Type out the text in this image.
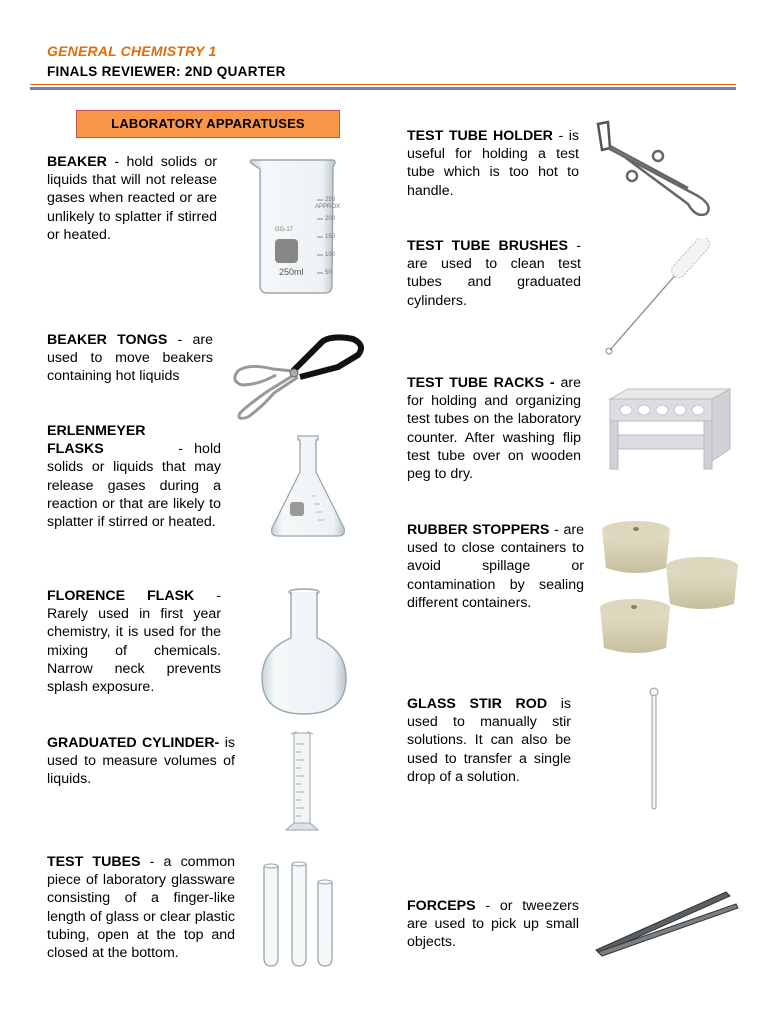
GENERAL CHEMISTRY 1
FINALS REVIEWER: 2ND QUARTER
LABORATORY APPARATUSES
BEAKER - hold solids or liquids that will not release gases when reacted or are unlikely to splatter if stirred or heated.
250
APPROX
200
GG-17
150
100
50
250ml
BEAKER TONGS - are used to move beakers containing hot liquids
ERLENMEYER FLASKS	- hold solids or liquids that may release gases during a reaction or that are likely to splatter if stirred or heated.
FLORENCE FLASK - Rarely used in first year chemistry, it is used for the mixing of chemicals. Narrow neck prevents splash exposure.
GRADUATED CYLINDER- is used to measure volumes of liquids.
TEST TUBES - a common piece of laboratory glassware consisting of a finger-like length of glass or clear plastic tubing, open at the top and closed at the bottom.
TEST TUBE HOLDER - is useful for holding a test tube which is too hot to handle.
TEST TUBE BRUSHES - are used to clean test tubes and graduated cylinders.
TEST TUBE RACKS - are for holding and organizing test tubes on the laboratory counter. After washing flip test tube over on wooden peg to dry.
RUBBER STOPPERS - are used to close containers to avoid spillage or contamination by sealing different containers.
GLASS STIR ROD is used to manually stir solutions. It can also be used to transfer a single drop of a solution.
FORCEPS - or tweezers are used to pick up small objects.
